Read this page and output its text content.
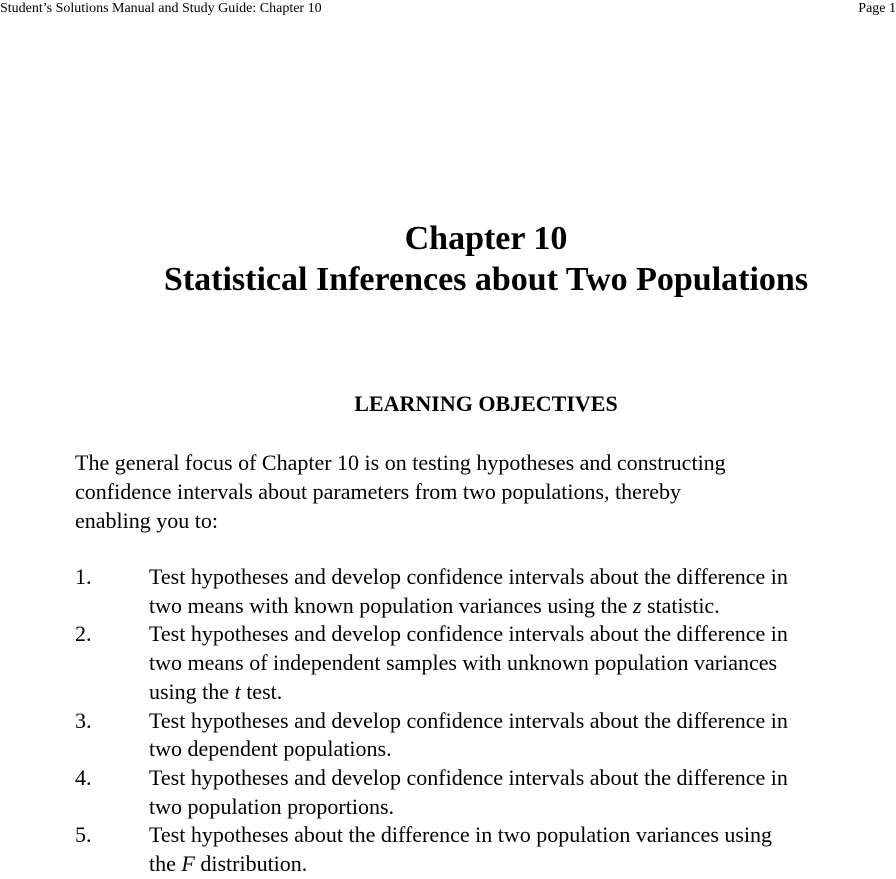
Student’s Solutions Manual and Study Guide: Chapter 10	Page 1
Chapter 10
Statistical Inferences about Two Populations
LEARNING OBJECTIVES

The general focus of Chapter 10 is on testing hypotheses and constructing
confidence intervals about parameters from two populations, thereby
enabling you to:

1.	Test hypotheses and develop confidence intervals about the difference in
two means with known population variances using the z statistic.
2.	Test hypotheses and develop confidence intervals about the difference in
two means of independent samples with unknown population variances
using the t test.
3.	Test hypotheses and develop confidence intervals about the difference in
two dependent populations.
4.	Test hypotheses and develop confidence intervals about the difference in
two population proportions.
5.	Test hypotheses about the difference in two population variances using
the F distribution.
